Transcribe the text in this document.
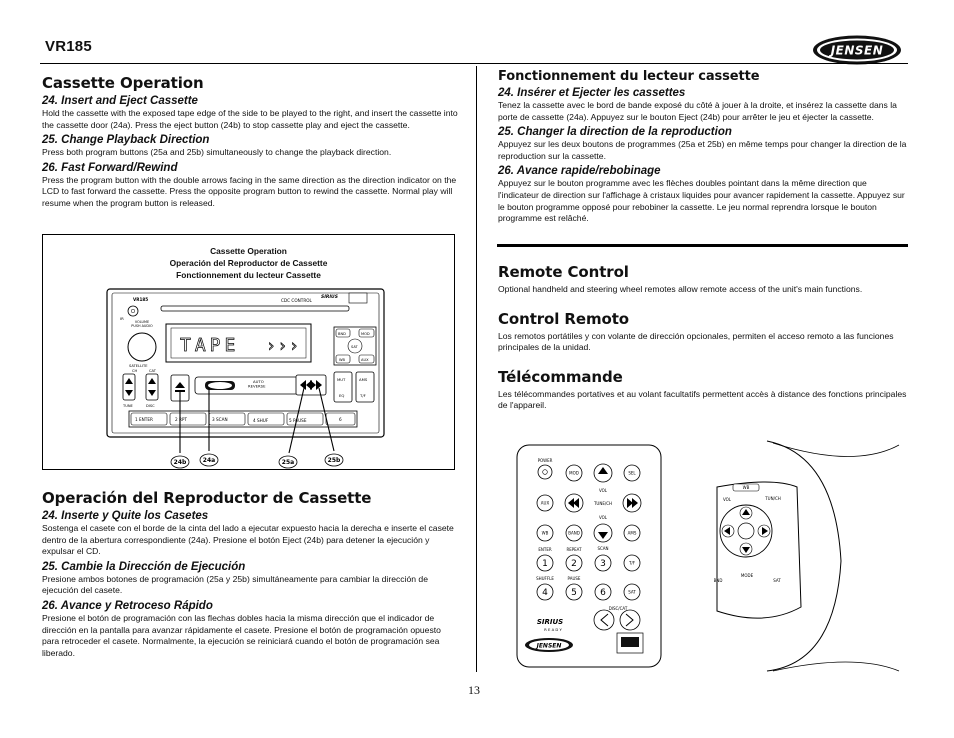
VR185	JENSEN
Cassette Operation
24. Insert and Eject Cassette

Hold the cassette with the exposed tape edge of the side to be played to the right, and insert the cassette into the cassette door (24a). Press the eject button (24b) to stop cassette play and eject the cassette.

25. Change Playback Direction

Press both program buttons (25a and 25b) simultaneously to change the playback direction.

26. Fast Forward/Rewind

Press the program button with the double arrows facing in the same direction as the direction indicator on the LCD to fast forward the cassette. Press the opposite program button to rewind the cassette. Normal play will resume when the program button is released.

Cassette Operation
Operación del Reproductor de Cassette
Fonctionnement du lecteur Cassette
VR185	CDC CONTROL
SIRIUS
IR
VOLUME PUSH AUDIO
SATELLITE
CH	CAT
TUNE	DISC
TAPE › › ›
BND	MOD
SAT
WB	AUX
MUT	AMS
EQ	T/F
AUTO REVERSE
1 ENTER	2 RPT	3 SCAN	4 SHUF	5 PAUSE	6
24b	24a	25a	25b
Operación del Reproductor de Cassette
24. Inserte y Quite los Casetes

Sostenga el casete con el borde de la cinta del lado a ejecutar expuesto hacia la derecha e inserte el casete dentro de la abertura correspondiente (24a). Presione el botón Eject (24b) para detener la ejecución y expulsar el CD.

25. Cambie la Dirección de Ejecución

Presione ambos botones de programación (25a y 25b) simultáneamente para cambiar la dirección de ejecución del casete.

26. Avance y Retroceso Rápido

Presione el botón de programación con las flechas dobles hacia la misma dirección que el indicador de dirección en la pantalla para avanzar rápidamente el casete. Presione el botón de programación opuesto para retroceder el casete. Normalmente, la ejecución se reiniciará cuando el botón de programación sea liberado.

Fonctionnement du lecteur cassette
24. Insérer et Ejecter les cassettes

Tenez la cassette avec le bord de bande exposé du côté à jouer à la droite, et insérez la cassette dans la porte de cassette (24a). Appuyez sur le bouton Eject (24b) pour arrêter le jeu et éjecter la cassette.

25. Changer la direction de la reproduction

Appuyez sur les deux boutons de programmes (25a et 25b) en même temps pour changer la direction de la reproduction sur la cassette.

26. Avance rapide/rebobinage

Appuyez sur le bouton programme avec les flèches doubles pointant dans la même direction que l'indicateur de direction sur l'affichage à cristaux liquides pour avancer rapidement la cassette. Appuyez sur le bouton programme opposé pour rebobiner la cassette. Le jeu normal reprendra lorsque le bouton programme est relâché.

Remote Control

Optional handheld and steering wheel remotes allow remote access of the unit's main functions.

Control Remoto

Los remotos portátiles y con volante de dirección opcionales, permiten el acceso remoto a las funciones principales de la unidad.

Télécommande

Les télécommandes portatives et au volant facultatifs permettent accès à distance des fonctions principales de l'appareil.

POWER
MOD	SEL
VOL
AUX	TUNE/CH
VOL
WB	BAND	AMS
ENTER	REPEAT	SCAN
1	2	3	T/F
SHUFFLE	PAUSE
4	5	6	SAT
DISC/CAT
SIRIUS
R E A D Y
JENSEN
WB
VOL	TUN/CH
BND
MODE
SAT
13
